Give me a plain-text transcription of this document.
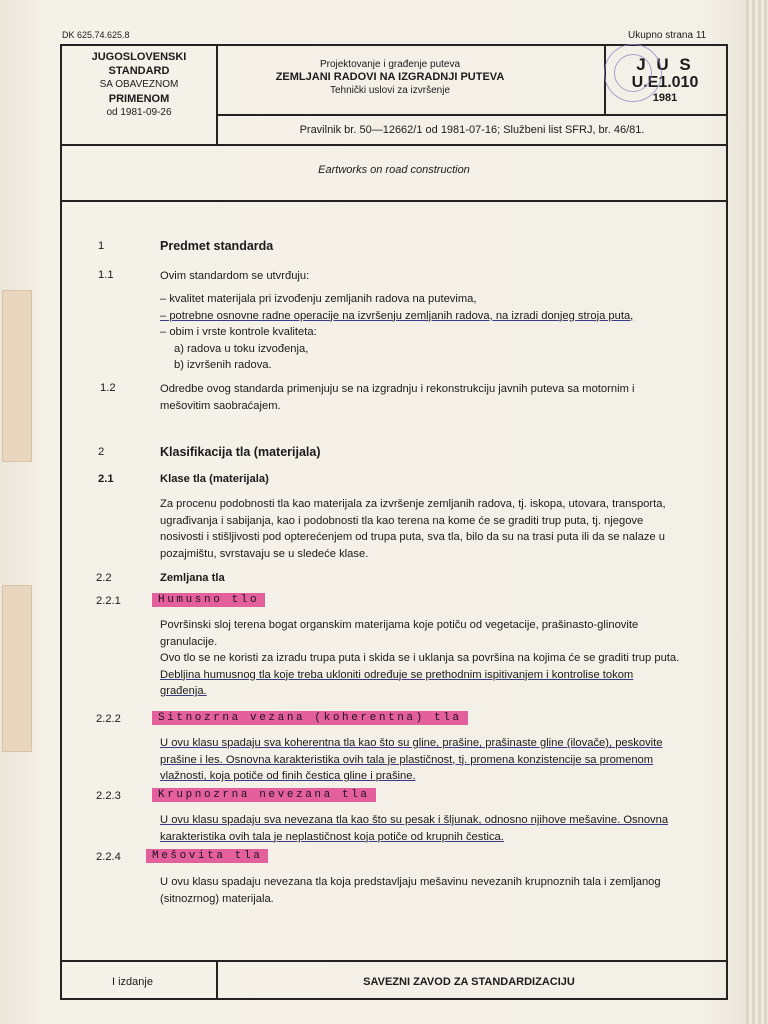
DK 625.74.625.8	Ukupno strana 11
JUGOSLOVENSKI
STANDARD
SA OBAVEZNOM
PRIMENOM
od 1981-09-26
Projektovanje i građenje puteva
ZEMLJANI RADOVI NA IZGRADNJI PUTEVA
Tehnički uslovi za izvršenje
J U S
U.E1.010
1981
Pravilnik br. 50—12662/1 od 1981-07-16; Službeni list SFRJ, br. 46/81.
Eartworks on road construction
I izdanje	SAVEZNI ZAVOD ZA STANDARDIZACIJU
1	Predmet standarda
1.1	Ovim standardom se utvrđuju:
– kvalitet materijala pri izvođenju zemljanih radova na putevima,
– potrebne osnovne radne operacije na izvršenju zemljanih radova, na izradi donjeg stroja puta,
– obim i vrste kontrole kvaliteta:
a) radova u toku izvođenja,
b) izvršenih radova.
1.2	Odredbe ovog standarda primenjuju se na izgradnju i rekonstrukciju javnih puteva sa motornim i
mešovitim saobraćajem.
2	Klasifikacija tla (materijala)
2.1	Klase tla (materijala)
Za procenu podobnosti tla kao materijala za izvršenje zemljanih radova, tj. iskopa, utovara, transporta,
ugrađivanja i sabijanja, kao i podobnosti tla kao terena na kome će se graditi trup puta, tj. njegove
nosivosti i stišljivosti pod opterećenjem od trupa puta, sva tla, bilo da su na trasi puta ili da se nalaze u
pozajmištu, svrstavaju se u sledeće klase.
2.2	Zemljana tla
2.2.1	Humusno tlo
Površinski sloj terena bogat organskim materijama koje potiču od vegetacije, prašinasto-glinovite
granulacije.
Ovo tlo se ne koristi za izradu trupa puta i skida se i uklanja sa površina na kojima će se graditi trup puta.
Debljina humusnog tla koje treba ukloniti određuje se prethodnim ispitivanjem i kontrolise tokom
građenja.
2.2.2	Sitnozrna vezana (koherentna) tla
U ovu klasu spadaju sva koherentna tla kao što su gline, prašine, prašinaste gline (ilovače), peskovite
prašine i les. Osnovna karakteristika ovih tala je plastičnost, tj. promena konzistencije sa promenom
vlažnosti, koja potiče od finih čestica gline i prašine.
2.2.3	Krupnozrna nevezana tla
U ovu klasu spadaju sva nevezana tla kao što su pesak i šljunak, odnosno njihove mešavine. Osnovna
karakteristika ovih tala je neplastičnost koja potiče od krupnih čestica.
2.2.4	Mešovita tla
U ovu klasu spadaju nevezana tla koja predstavljaju mešavinu nevezanih krupnoznih tala i zemljanog
(sitnozrnog) materijala.
